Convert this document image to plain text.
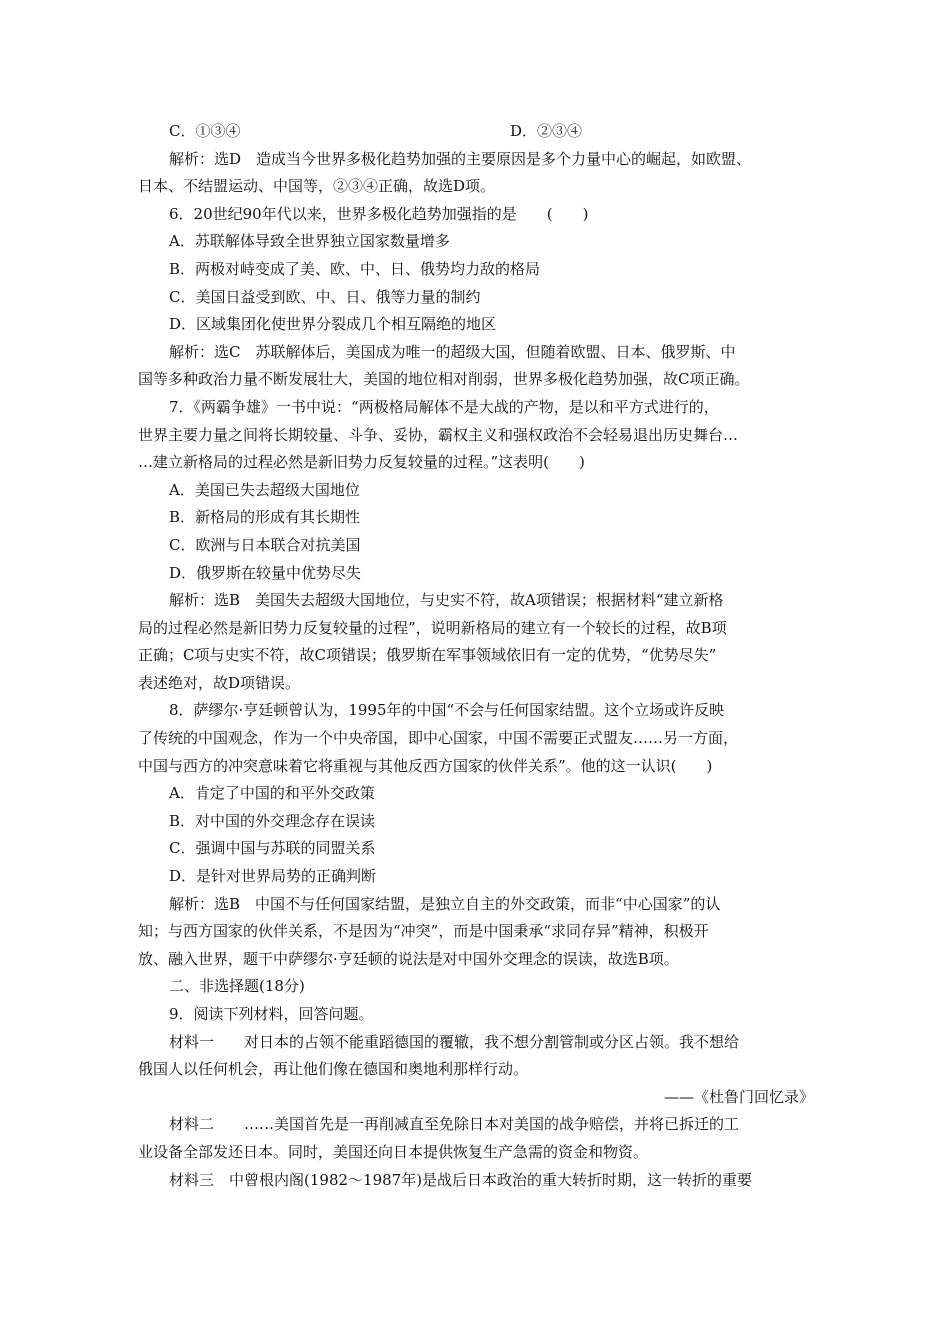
C．①③④	D．②③④
解析：选D　造成当今世界多极化趋势加强的主要原因是多个力量中心的崛起，如欧盟、
日本、不结盟运动、中国等，②③④正确，故选D项。
6．20世纪90年代以来，世界多极化趋势加强指的是　　(　　)
A．苏联解体导致全世界独立国家数量增多
B．两极对峙变成了美、欧、中、日、俄势均力敌的格局
C．美国日益受到欧、中、日、俄等力量的制约
D．区域集团化使世界分裂成几个相互隔绝的地区
解析：选C　苏联解体后，美国成为唯一的超级大国，但随着欧盟、日本、俄罗斯、中
国等多种政治力量不断发展壮大，美国的地位相对削弱，世界多极化趋势加强，故C项正确。
7．《两霸争雄》一书中说：“两极格局解体不是大战的产物，是以和平方式进行的，
世界主要力量之间将长期较量、斗争、妥协，霸权主义和强权政治不会轻易退出历史舞台…
…建立新格局的过程必然是新旧势力反复较量的过程。”这表明(　　)
A．美国已失去超级大国地位
B．新格局的形成有其长期性
C．欧洲与日本联合对抗美国
D．俄罗斯在较量中优势尽失
解析：选B　美国失去超级大国地位，与史实不符，故A项错误；根据材料“建立新格
局的过程必然是新旧势力反复较量的过程”，说明新格局的建立有一个较长的过程，故B项
正确；C项与史实不符，故C项错误；俄罗斯在军事领域依旧有一定的优势，“优势尽失”
表述绝对，故D项错误。
8．萨缪尔·亨廷顿曾认为，1995年的中国“不会与任何国家结盟。这个立场或许反映
了传统的中国观念，作为一个中央帝国，即中心国家，中国不需要正式盟友……另一方面，
中国与西方的冲突意味着它将重视与其他反西方国家的伙伴关系”。他的这一认识(　　)
A．肯定了中国的和平外交政策
B．对中国的外交理念存在误读
C．强调中国与苏联的同盟关系
D．是针对世界局势的正确判断
解析：选B　中国不与任何国家结盟，是独立自主的外交政策，而非“中心国家”的认
知；与西方国家的伙伴关系，不是因为“冲突”，而是中国秉承“求同存异”精神，积极开
放、融入世界，题干中萨缪尔·亨廷顿的说法是对中国外交理念的误读，故选B项。
二、非选择题(18分)
9．阅读下列材料，回答问题。
材料一　　对日本的占领不能重蹈德国的覆辙，我不想分割管制或分区占领。我不想给
俄国人以任何机会，再让他们像在德国和奥地利那样行动。
——《杜鲁门回忆录》
材料二　　……美国首先是一再削减直至免除日本对美国的战争赔偿，并将已拆迁的工
业设备全部发还日本。同时，美国还向日本提供恢复生产急需的资金和物资。
材料三　中曾根内阁(1982～1987年)是战后日本政治的重大转折时期，这一转折的重要
